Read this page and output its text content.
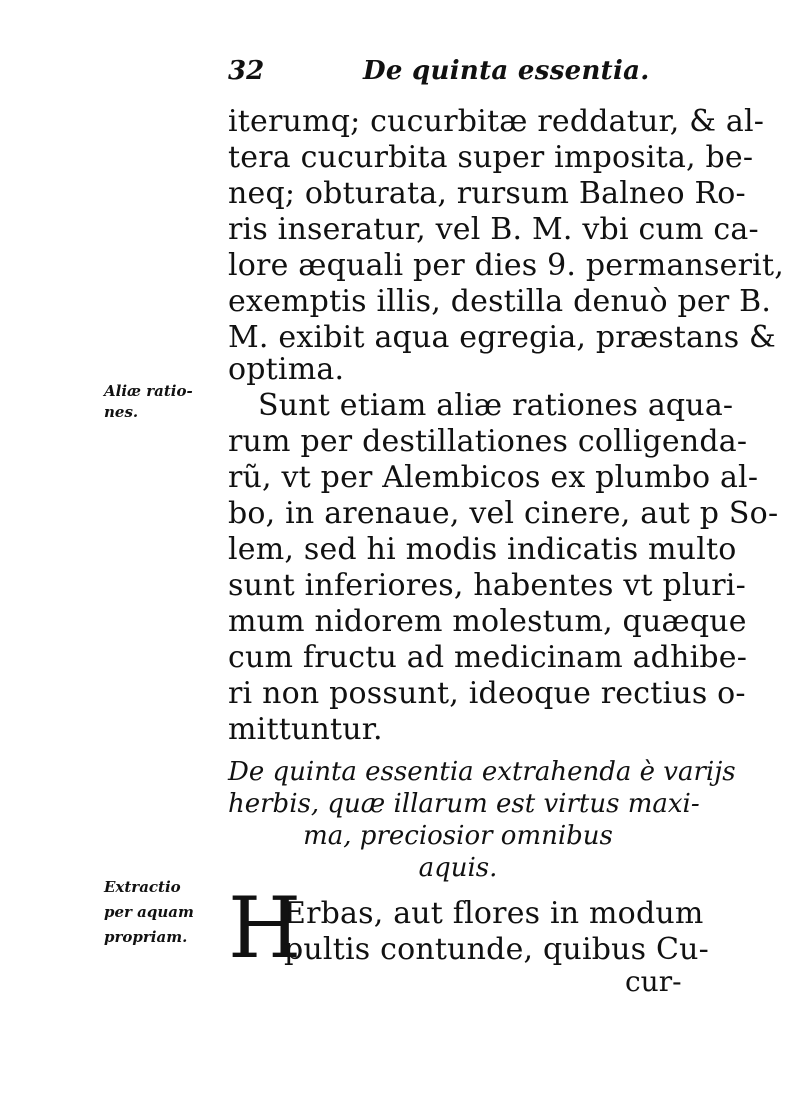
32	De quinta essentia.
iterumq; cucurbitæ reddatur, & al-
tera cucurbita super imposita, be-
neq; obturata, rursum Balneo Ro-
ris inseratur, vel B. M. vbi cum ca-
lore æquali per dies 9. permanserit,
exemptis illis, destilla denuò per B.
M. exibit aqua egregia, præstans &
optima.
Aliæ ratio-
nes.	Sunt etiam aliæ rationes aqua-
rum per destillationes colligenda-
rũ, vt per Alembicos ex plumbo al-
bo, in arenaue, vel cinere, aut p So-
lem, sed hi modis indicatis multo
sunt inferiores, habentes vt pluri-
mum nidorem molestum, quæque
cum fructu ad medicinam adhibe-
ri non possunt, ideoque rectius o-
mittuntur.
De quinta essentia extrahenda è varijs
herbis, quæ illarum est virtus maxi-
ma, preciosior omnibus
aquis.
Extractio
per aquam
propriam. H
Erbas, aut flores in modum
pultis contunde, quibus Cu-
cur-
